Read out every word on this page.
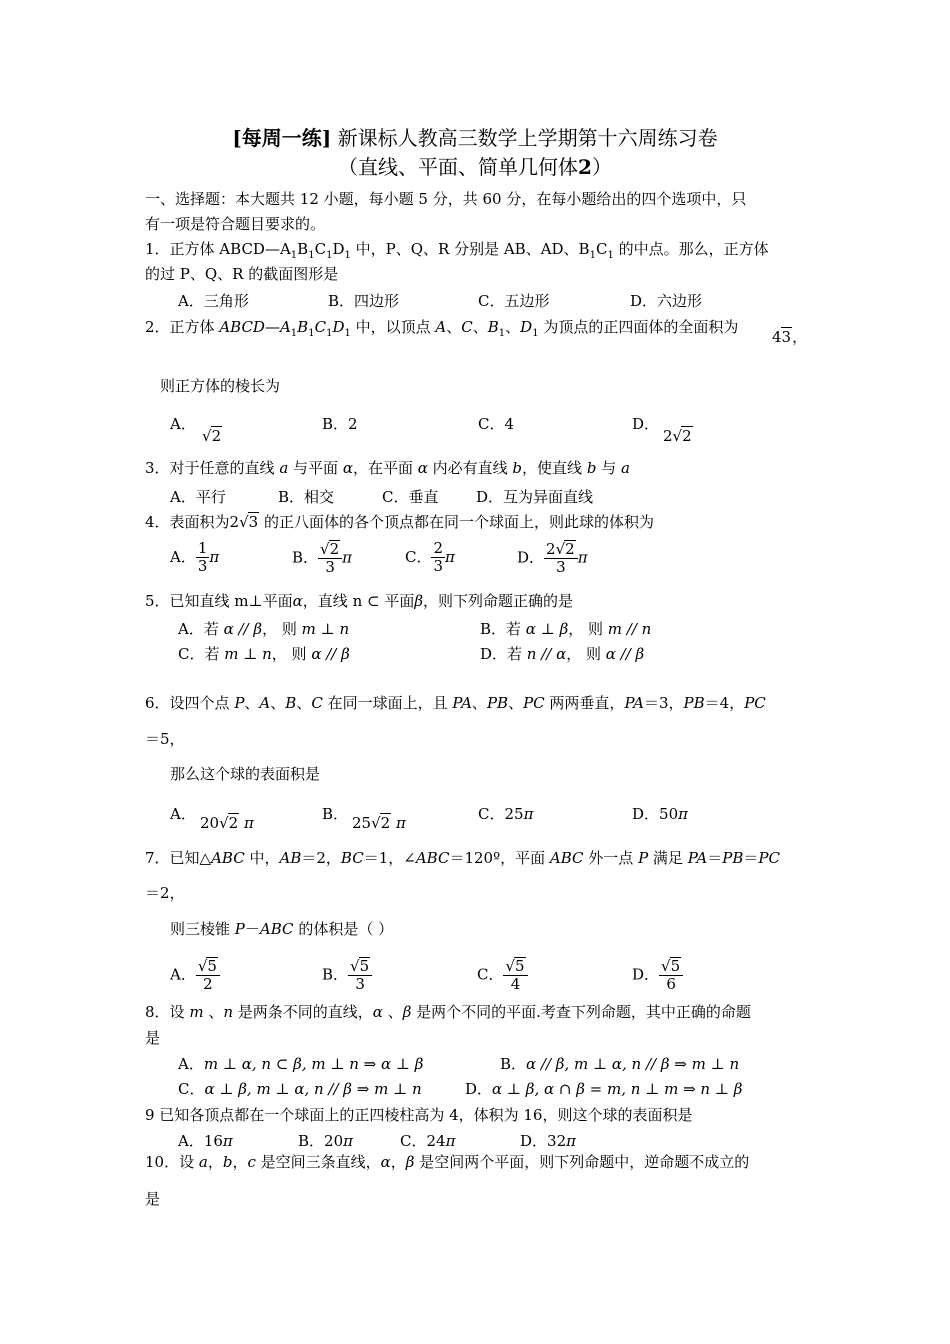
[每周一练] 新课标人教高三数学上学期第十六周练习卷
（直线、平面、简单几何体2）
一、选择题：本大题共 12 小题，每小题 5 分，共 60 分，在每小题给出的四个选项中，只
有一项是符合题目要求的。
1．正方体 $ABCD—A_1B_1C_1D_1$ 中，P、Q、R 分别是 AB、AD、$B_1C_1$ 的中点。那么，正方体
的过 P、Q、R 的截面图形是
A．三角形	B．四边形	C．五边形	D．六边形
2．正方体 $ABCD—A_1B_1C_1D_1$ 中，以顶点 A、C、$B_1$、$D_1$ 为顶点的正四面体的全面积为
43，
则正方体的棱长为
A．
√2
B．2	C．4	D．
2√2
3．对于任意的直线 a 与平面 α，在平面 α 内必有直线 b，使直线 b 与 a
A．平行	B．相交	C．垂直	D．互为异面直线
4．表面积为2√3 的正八面体的各个顶点都在同一个球面上，则此球的体积为
A． $\frac{1}{3}$ π	B． $\frac{√2}{3}$ π	C． $\frac{2}{3}$ π	D． $\frac{2√2}{3}$ π
5．已知直线 m⊥平面α，直线 n ⊂ 平面β，则下列命题正确的是
A．若 α // β， 则 m ⊥ n	B．若 α ⊥ β， 则 m // n
C．若 m ⊥ n， 则 α // β	D．若 n // α， 则 α // β
6．设四个点 P、A、B、C 在同一球面上，且 PA、PB、PC 两两垂直，PA＝3，PB＝4，PC
＝5，
那么这个球的表面积是
A． 20√2 π	B． 25√2 π	C．25π	D．50π
7．已知△ABC 中，AB＝2，BC＝1，∠ABC＝120º，平面 ABC 外一点 P 满足 PA＝PB＝PC
＝2，
则三棱锥 P－ABC 的体积是（ ）
A． $\frac{√5}{2}$	B． $\frac{√5}{3}$	C． $\frac{√5}{4}$	D． $\frac{√5}{6}$
8．设 m 、n 是两条不同的直线，α 、β 是两个不同的平面.考查下列命题，其中正确的命题
是
A．m ⊥ α, n ⊂ β, m ⊥ n ⇒ α ⊥ β	B．α // β, m ⊥ α, n // β ⇒ m ⊥ n
C．α ⊥ β, m ⊥ α, n // β ⇒ m ⊥ n	D．α ⊥ β, α ∩ β = m, n ⊥ m ⇒ n ⊥ β
9 已知各顶点都在一个球面上的正四棱柱高为 4，体积为 16，则这个球的表面积是
A．16π	B．20π	C．24π	D．32π
10．设 a，b，c 是空间三条直线，α，β 是空间两个平面，则下列命题中，逆命题不成立的
是
